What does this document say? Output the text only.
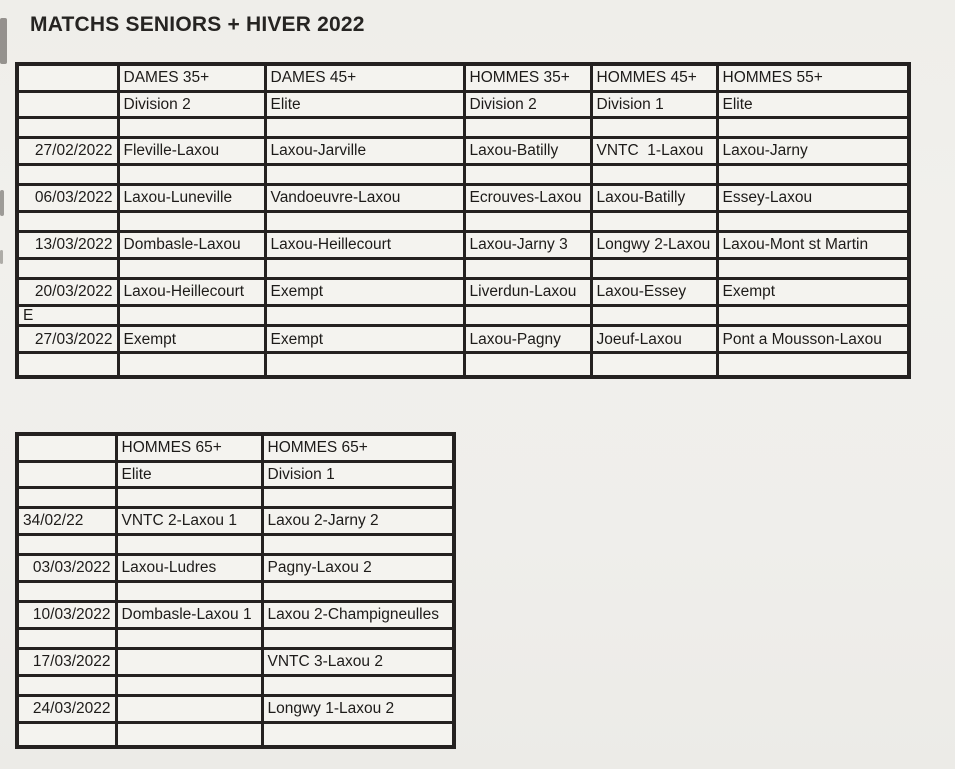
MATCHS SENIORS + HIVER 2022
	DAMES 35+	DAMES 45+	HOMMES 35+	HOMMES 45+	HOMMES 55+
	Division 2	Elite	Division 2	Division 1	Elite

27/02/2022	Fleville-Laxou	Laxou-Jarville	Laxou-Batilly	VNTC  1-Laxou	Laxou-Jarny

06/03/2022	Laxou-Luneville	Vandoeuvre-Laxou	Ecrouves-Laxou	Laxou-Batilly	Essey-Laxou

13/03/2022	Dombasle-Laxou	Laxou-Heillecourt	Laxou-Jarny 3	Longwy 2-Laxou	Laxou-Mont st Martin

20/03/2022	Laxou-Heillecourt	Exempt	Liverdun-Laxou	Laxou-Essey	Exempt
E					
27/03/2022	Exempt	Exempt	Laxou-Pagny	Joeuf-Laxou	Pont a Mousson-Laxou

	HOMMES 65+	HOMMES 65+
	Elite	Division 1

34/02/22	VNTC 2-Laxou 1	Laxou 2-Jarny 2

03/03/2022	Laxou-Ludres	Pagny-Laxou 2

10/03/2022	Dombasle-Laxou 1	Laxou 2-Champigneulles

17/03/2022		VNTC 3-Laxou 2

24/03/2022		Longwy 1-Laxou 2
